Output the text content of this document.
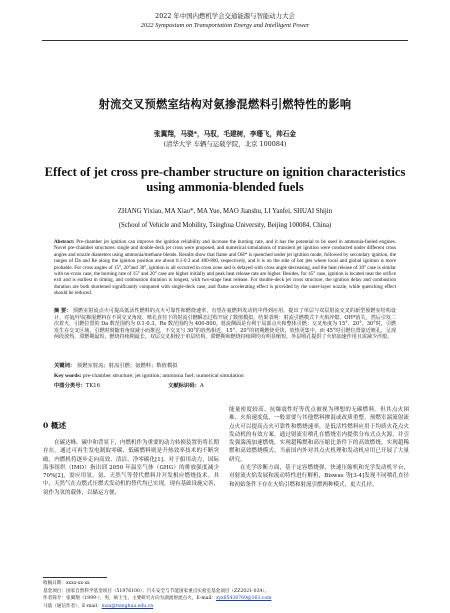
2022 年中国内燃机学会交通能源与智能动力大会
2022 Symposium on Transportation Energy and Intelligent Power
射流交叉预燃室结构对氨掺混燃料引燃特性的影响
张翼翔，马骁*，马驭，毛建树，李珊飞，帅石金
(清华大学 车辆与运载学院，北京 100084)
Effect of jet cross pre-chamber structure on ignition characteristics using ammonia-blended fuels
ZHANG Yixiao, MA Xiao*, MA Yue, MAO Jianshu, LI Yanfei, SHUAI Shijin
(School of Vehicle and Mobility, Tsinghua University, Beijing 100084, China)
Abstract: Pre-chamber jet ignition can improve the ignition reliability and increase the burning rate, and it has the potential to be used in ammonia-fueled engines. Novel pre-chamber structures: single and double-deck jet cross were proposed, and numerical simulations of transient jet ignition were conducted under different cross angles and nozzle diameters using ammonia/methane blends. Results show that flame and OH* is quenched under jet ignition mode, followed by secondary ignition, the ranges of Da and Re along the ignition position are about 0.1-0.3 and 400-800, respectively, and it is on the side of hot jets where local and global ignition is more probable. For cross angles of 15°, 20°and 30°, ignition is all occurred in cross zone and is delayed with cross angle decreasing, and the heat release of 30° case is similar with no-cross case, the burning rate of 15° and 20° case are higher initially and peak heat release rate are higher. Besides, for 45° case, ignition is located near the orifice exit and is earliest in timing, and combustion duration is longest, with two-stage heat release. For double-deck jet cross structure, the ignition delay and combustion duration are both shortened significantly compared with single-deck case, and flame accelerating effect is provided by the outer-layer nozzle, while quenching effect should be reduced.
摘 要： 预燃室射流点火可提高低活性燃料的点火可靠性和燃烧速率，有望在氨燃料发动机中得到应用。提出了单层与双层射流交叉的新型预燃室结构设计，对氨/甲烷掺混燃料在不同交叉角度、喷孔直径下的射流引燃瞬态过程开展了数值模拟。结果表明：射流引燃模式下火焰淬熄、OH*消失，然后引发二次着火，引燃位置的 Da 数范围约为 0.1-0.3，Re 数范围约为 400-800。射流侧面是有利于局部点火和整体引燃；交叉角度为 15°、20°、30°时，引燃发生在交叉区域，引燃时刻随着角度减小而推迟，不交叉与 30°的放热相近，15°、20°的初期燃烧更快，放热更集中。而 45°时引燃位置靠近喷孔，呈现两段放热，滞燃期最短，燃烧持续期最长。双层交叉相较于单层结构，滞燃期和燃烧持续期均有明显缩短，外层喷孔提供了火焰加速作用且需减少淬熄。
关键词： 预燃室射流；射流引燃；氨燃料；数值模拟
Key words: pre-chamber structure; jet ignition; ammonia fuel; numerical simulation
中图分类号：TK16	文献标识码：A
0 概述

在碳达峰、碳中和背景下，内燃机作为重要的动力转换装置仍将长期存在。通过可再生发电制取零碳、低碳燃料则是升热效率技术的不断突破，内燃机将逐步走向高效、清洁、净零碳化[1]。对于船用动力，国际海事组织（IMO）指出到 2050 年温室气体（GHG）的排放强度减少 70%[2]，需应用氢、氨、天然气等替代燃料并开发相应燃烧技术。其中，天然气在点燃式压燃式发动机的替代均已实现，现有基础设施完善，氨作为氢的载体，以储运方便、

能量密度较高、抗爆震性好等优点被视为理想的无碳燃料。但其点火困难、火焰速度低，一般需要与其他燃料掺混或改质重整。预燃室湍流射流点火可以提高点火可靠性和燃烧速率，是低活性燃料应用于均质火花点火发动机的有效方案。通过射流室喷孔在燃烧室内提供分布式点火源，并引发强湍流加速燃烧，实现超稀燃和高压缩比条件下的高效燃烧，实现超稀燃和高效燃烧模式。当前国内外对其点火机理和发动机应用已开展了大量研究。

在光学诊断方面，基于定容燃烧弹、快速压缩机和光学发动机平台，对射流火焰发展和流动特性进行解析，Biswas 等[3-4]发现不同喷孔直径和初始条件下存在火焰引燃和射流引燃两种模式，更大孔径、

收稿日期：xxxx-xx-xx
基金项目：国家自然科学基金项目（51976100）；汽车安全与节能国家重点实验室基金项目（ZZ2021-034）。
作者简介：张翼翔（1999-），男，硕士生，主要研究方向为湍流射流点火，E-mail：zyx65438769@163.com
马骁（通信作者），E-mail：max@tsinghua.edu.cn
